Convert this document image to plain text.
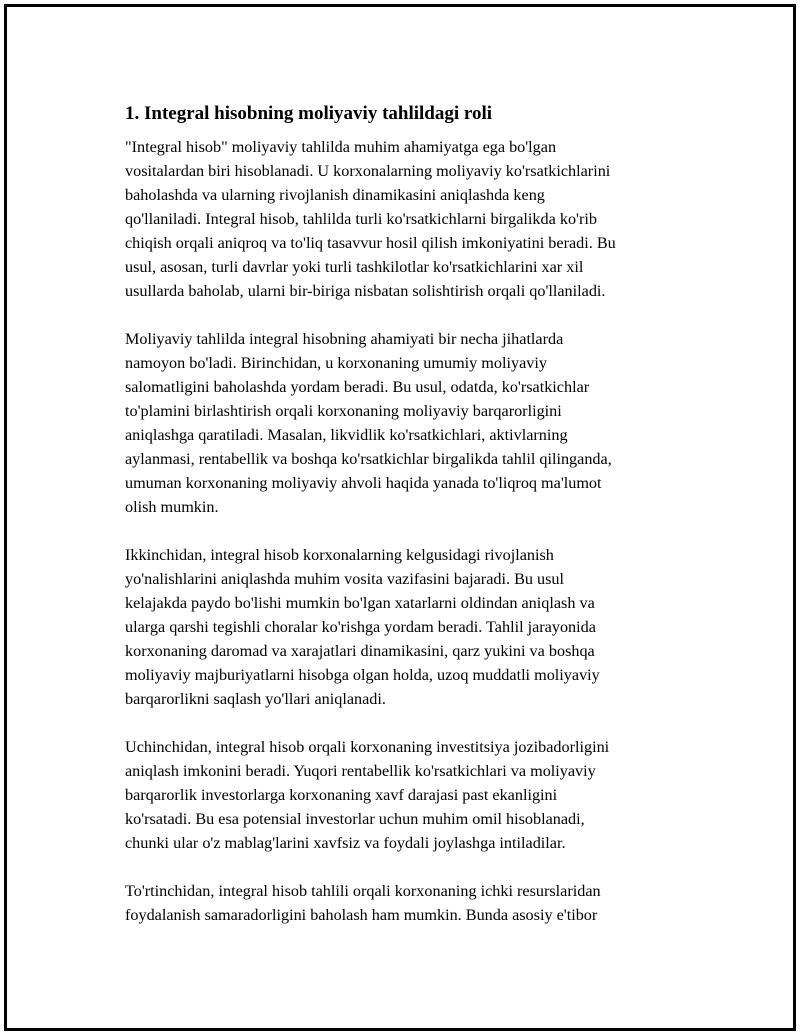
1. Integral hisobning moliyaviy tahlildagi roli

"Integral hisob" moliyaviy tahlilda muhim ahamiyatga ega bo'lgan
vositalardan biri hisoblanadi. U korxonalarning moliyaviy ko'rsatkichlarini
baholashda va ularning rivojlanish dinamikasini aniqlashda keng
qo'llaniladi. Integral hisob, tahlilda turli ko'rsatkichlarni birgalikda ko'rib
chiqish orqali aniqroq va to'liq tasavvur hosil qilish imkoniyatini beradi. Bu
usul, asosan, turli davrlar yoki turli tashkilotlar ko'rsatkichlarini xar xil
usullarda baholab, ularni bir-biriga nisbatan solishtirish orqali qo'llaniladi.

Moliyaviy tahlilda integral hisobning ahamiyati bir necha jihatlarda
namoyon bo'ladi. Birinchidan, u korxonaning umumiy moliyaviy
salomatligini baholashda yordam beradi. Bu usul, odatda, ko'rsatkichlar
to'plamini birlashtirish orqali korxonaning moliyaviy barqarorligini
aniqlashga qaratiladi. Masalan, likvidlik ko'rsatkichlari, aktivlarning
aylanmasi, rentabellik va boshqa ko'rsatkichlar birgalikda tahlil qilinganda,
umuman korxonaning moliyaviy ahvoli haqida yanada to'liqroq ma'lumot
olish mumkin.

Ikkinchidan, integral hisob korxonalarning kelgusidagi rivojlanish
yo'nalishlarini aniqlashda muhim vosita vazifasini bajaradi. Bu usul
kelajakda paydo bo'lishi mumkin bo'lgan xatarlarni oldindan aniqlash va
ularga qarshi tegishli choralar ko'rishga yordam beradi. Tahlil jarayonida
korxonaning daromad va xarajatlari dinamikasini, qarz yukini va boshqa
moliyaviy majburiyatlarni hisobga olgan holda, uzoq muddatli moliyaviy
barqarorlikni saqlash yo'llari aniqlanadi.

Uchinchidan, integral hisob orqali korxonaning investitsiya jozibadorligini
aniqlash imkonini beradi. Yuqori rentabellik ko'rsatkichlari va moliyaviy
barqarorlik investorlarga korxonaning xavf darajasi past ekanligini
ko'rsatadi. Bu esa potensial investorlar uchun muhim omil hisoblanadi,
chunki ular o'z mablag'larini xavfsiz va foydali joylashga intiladilar.

To'rtinchidan, integral hisob tahlili orqali korxonaning ichki resurslaridan
foydalanish samaradorligini baholash ham mumkin. Bunda asosiy e'tibor
